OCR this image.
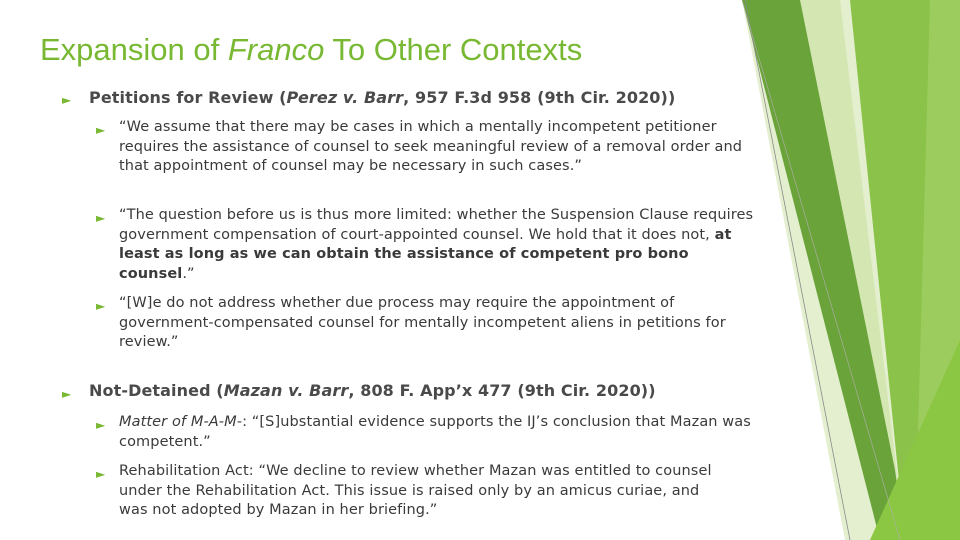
Expansion of Franco To Other Contexts
► Petitions for Review (Perez v. Barr, 957 F.3d 958 (9th Cir. 2020))
► “We assume that there may be cases in which a mentally incompetent petitioner requires the assistance of counsel to seek meaningful review of a removal order and that appointment of counsel may be necessary in such cases.”
► “The question before us is thus more limited: whether the Suspension Clause requires government compensation of court-appointed counsel. We hold that it does not, at least as long as we can obtain the assistance of competent pro bono counsel.”
► “[W]e do not address whether due process may require the appointment of government-compensated counsel for mentally incompetent aliens in petitions for review.”
► Not-Detained (Mazan v. Barr, 808 F. App’x 477 (9th Cir. 2020))
► Matter of M-A-M-: “[S]ubstantial evidence supports the IJ’s conclusion that Mazan was competent.”
► Rehabilitation Act: “We decline to review whether Mazan was entitled to counsel under the Rehabilitation Act. This issue is raised only by an amicus curiae, and was not adopted by Mazan in her briefing.”
